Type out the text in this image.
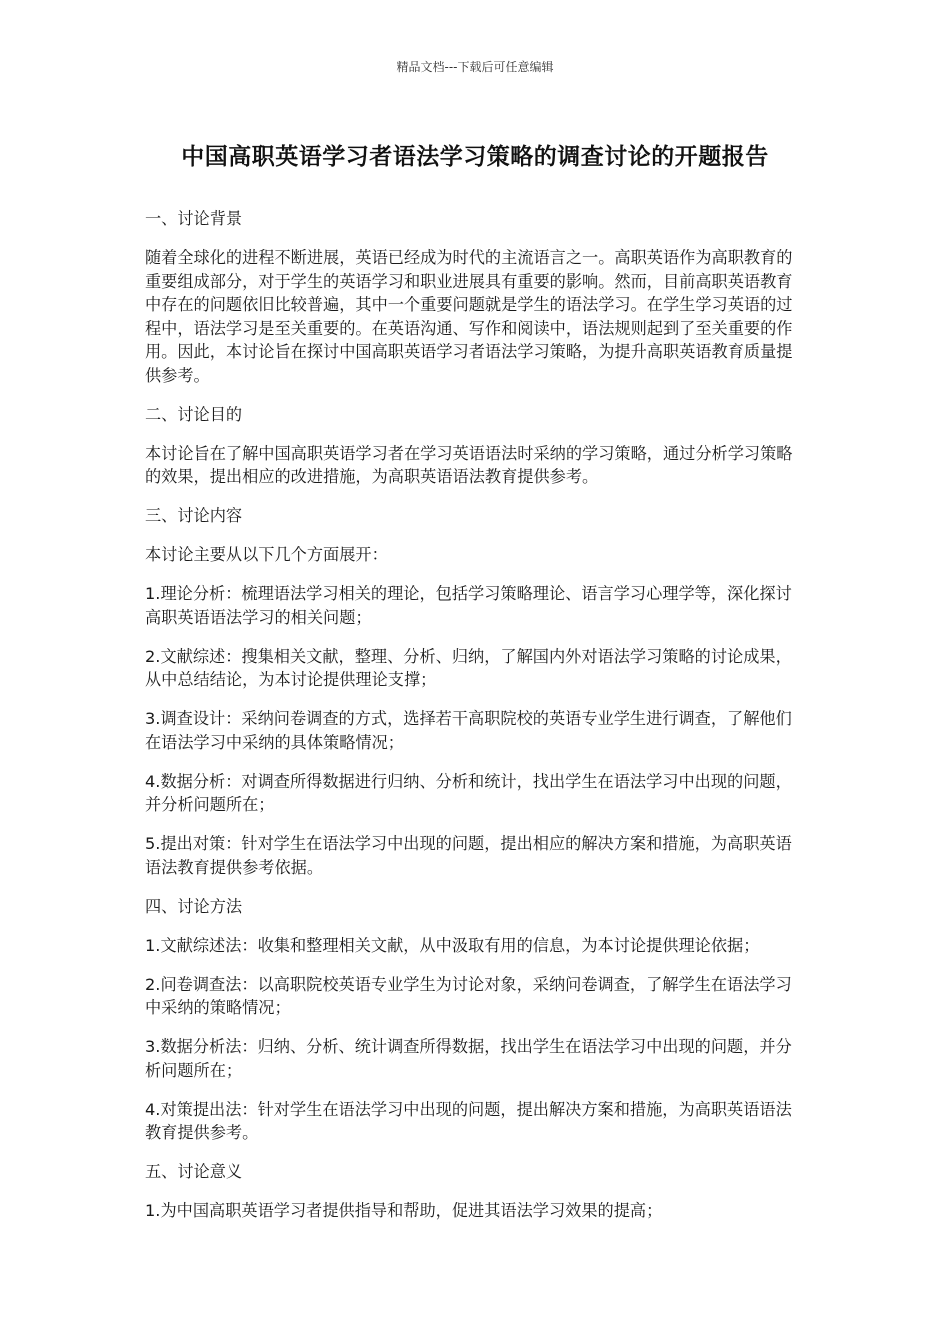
精品文档---下载后可任意编辑
中国高职英语学习者语法学习策略的调查讨论的开题报告

一、讨论背景

随着全球化的进程不断进展，英语已经成为时代的主流语言之一。高职英语作为高职教育的重要组成部分，对于学生的英语学习和职业进展具有重要的影响。然而，目前高职英语教育中存在的问题依旧比较普遍，其中一个重要问题就是学生的语法学习。在学生学习英语的过程中，语法学习是至关重要的。在英语沟通、写作和阅读中，语法规则起到了至关重要的作用。因此，本讨论旨在探讨中国高职英语学习者语法学习策略，为提升高职英语教育质量提供参考。

二、讨论目的

本讨论旨在了解中国高职英语学习者在学习英语语法时采纳的学习策略，通过分析学习策略的效果，提出相应的改进措施，为高职英语语法教育提供参考。

三、讨论内容

本讨论主要从以下几个方面展开：

1.理论分析：梳理语法学习相关的理论，包括学习策略理论、语言学习心理学等，深化探讨高职英语语法学习的相关问题；

2.文献综述：搜集相关文献，整理、分析、归纳，了解国内外对语法学习策略的讨论成果，从中总结结论，为本讨论提供理论支撑；

3.调查设计：采纳问卷调查的方式，选择若干高职院校的英语专业学生进行调查，了解他们在语法学习中采纳的具体策略情况；

4.数据分析：对调查所得数据进行归纳、分析和统计，找出学生在语法学习中出现的问题，并分析问题所在；

5.提出对策：针对学生在语法学习中出现的问题，提出相应的解决方案和措施，为高职英语语法教育提供参考依据。

四、讨论方法

1.文献综述法：收集和整理相关文献，从中汲取有用的信息，为本讨论提供理论依据；

2.问卷调查法：以高职院校英语专业学生为讨论对象，采纳问卷调查，了解学生在语法学习中采纳的策略情况；

3.数据分析法：归纳、分析、统计调查所得数据，找出学生在语法学习中出现的问题，并分析问题所在；

4.对策提出法：针对学生在语法学习中出现的问题，提出解决方案和措施，为高职英语语法教育提供参考。

五、讨论意义

1.为中国高职英语学习者提供指导和帮助，促进其语法学习效果的提高；
